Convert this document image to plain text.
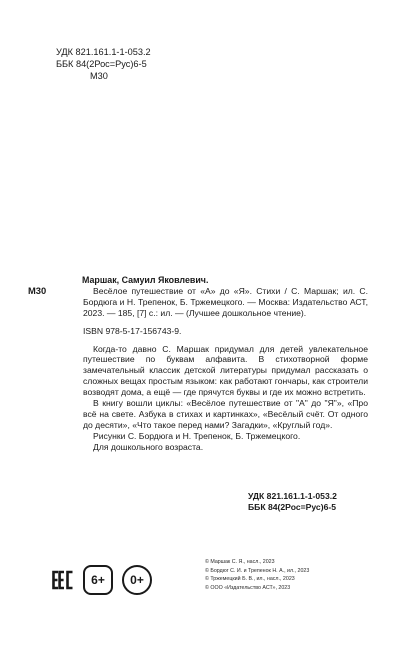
УДК 821.161.1-1-053.2
ББК 84(2Рос=Рус)6-5
М30
М30
Маршак, Самуил Яковлевич.

Весёлое путешествие от «А» до «Я». Стихи / С. Маршак; ил. С. Бордюга и Н. Трепенок, Б. Тржемецкого. — Москва: Издательство АСТ, 2023. — 185, [7] с.: ил. — (Лучшее дошкольное чтение).

ISBN 978-5-17-156743-9.

Когда-то давно С. Маршак придумал для детей увлекательное путешествие по буквам алфавита. В стихотворной форме замечательный классик детской литературы придумал рассказать о сложных вещах простым языком: как работают гончары, как строители возводят дома, а ещё — где прячутся буквы и где их можно встретить.

В книгу вошли циклы: «Весёлое путешествие от "А" до "Я"», «Про всё на свете. Азбука в стихах и картинках», «Весёлый счёт. От одного до десяти», «Что такое перед нами? Загадки», «Круглый год».

Рисунки С. Бордюга и Н. Трепенок, Б. Тржемецкого.

Для дошкольного возраста.

УДК 821.161.1-1-053.2
ББК 84(2Рос=Рус)6-5
6+	0+
© Маршак С. Я., насл., 2023
© Бордюг С. И. и Трепенок Н. А., ил., 2023
© Тржемецкий Б. В., ил., насл., 2023
© ООО «Издательство АСТ», 2023
